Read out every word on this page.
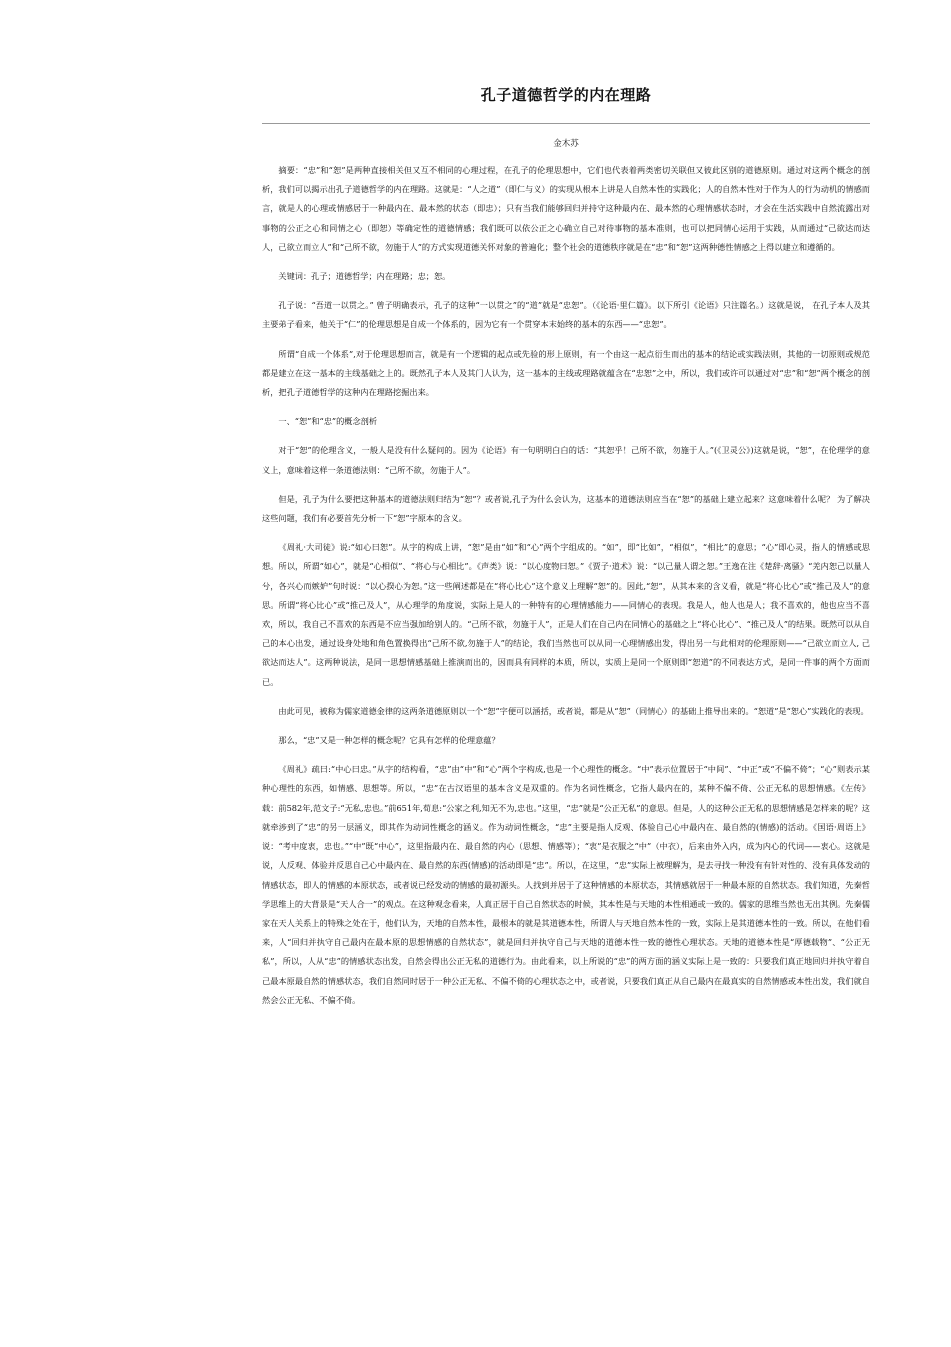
孔子道德哲学的内在理路
金木苏

摘要：“忠”和“恕”是两种直接相关但又互不相同的心理过程，在孔子的伦理思想中，它们也代表着两类密切关联但又彼此区别的道德原则。通过对这两个概念的剖析，我们可以揭示出孔子道德哲学的内在理路。这就是：“人之道”（即仁与义）的实现从根本上讲是人自然本性的实践化；人的自然本性对于作为人的行为动机的情感而言，就是人的心理或情感居于一种最内在、最本然的状态（即忠）；只有当我们能够回归并持守这种最内在、最本然的心理情感状态时，才会在生活实践中自然流露出对事物的公正之心和同情之心（即恕）等确定性的道德情感；我们既可以依公正之心确立自己对待事物的基本准则，也可以把同情心运用于实践，从而通过“己欲达而达人，己欲立而立人”和“己所不欲，勿施于人”的方式实现道德关怀对象的普遍化；整个社会的道德秩序就是在“忠”和“恕”这两种德性情感之上得以建立和遵循的。

关键词：孔子；道德哲学；内在理路；忠；恕。

孔子说：“吾道一以贯之。” 曾子明确表示，孔子的这种“一以贯之”的“道”就是“忠恕”。（《论语·里仁篇》。以下所引《论语》只注篇名。）这就是说， 在孔子本人及其主要弟子看来，他关于“仁”的伦理思想是自成一个体系的，因为它有一个贯穿本末始终的基本的东西——“忠恕”。

所谓“自成一个体系”,对于伦理思想而言，就是有一个逻辑的起点或先验的形上原则，有一个由这一起点衍生而出的基本的结论或实践法则，其他的一切原则或规范都是建立在这一基本的主线基础之上的。既然孔子本人及其门人认为，这一基本的主线或理路就蕴含在“忠恕”之中，所以，我们或许可以通过对“忠”和“恕”两个概念的剖析，把孔子道德哲学的这种内在理路挖掘出来。

一、“恕”和“忠”的概念剖析

对于“恕”的伦理含义，一般人是没有什么疑问的。因为《论语》有一句明明白白的话：“其恕乎！己所不欲，勿施于人。”(《卫灵公》)这就是说，“恕”，在伦理学的意义上，意味着这样一条道德法则：“己所不欲，勿施于人”。

但是，孔子为什么要把这种基本的道德法则归结为“恕”？或者说,孔子为什么会认为，这基本的道德法则应当在“恕”的基础上建立起来？这意味着什么呢？ 为了解决这些问题，我们有必要首先分析一下“恕”字原本的含义。

《周礼·大司徒》说:“如心曰恕”。从字的构成上讲，“恕”是由“如”和“心”两个字组成的。“如”，即“比如”，“相似”，“相比”的意思；“心”即心灵，指人的情感或思想。所以，所谓“如心”，就是“心相似”、“将心与心相比”。《声类》说：“以心度物曰恕。”《贾子·道术》说：“以己量人谓之恕。”王逸在注《楚辞·离骚》“羌内恕己以量人兮，各兴心而嫉妒”句时说：“以心揆心为恕。”这一些阐述都是在“将心比心”这个意义上理解“恕”的。因此,“恕”，从其本来的含义看，就是“将心比心”或“推己及人”的意思。所谓“将心比心”或“推己及人”，从心理学的角度说，实际上是人的一种特有的心理情感能力——同情心的表现。我是人，他人也是人；我不喜欢的，他也应当不喜欢，所以，我自己不喜欢的东西是不应当强加给别人的。“己所不欲，勿施于人”，正是人们在自己内在同情心的基础之上“将心比心”、“推己及人”的结果。既然可以从自己的本心出发，通过设身处地和角色置换得出“己所不欲,勿施于人”的结论，我们当然也可以从同一心理情感出发，得出另一与此相对的伦理原则——“己欲立而立人, 己欲达而达人”。这两种说法，是同一思想情感基础上推演而出的，因而具有同样的本质，所以，实质上是同一个原则即“恕道”的不同表达方式，是同一件事的两个方面而已。

由此可见，被称为儒家道德金律的这两条道德原则以一个“恕”字便可以涵括，或者说，都是从“恕”（同情心）的基础上推导出来的。“恕道”是“恕心”实践化的表现。

那么，“忠”又是一种怎样的概念呢？它具有怎样的伦理意蕴？

《周礼》疏曰:“中心曰忠。”从字的结构看，“忠”由“中”和“心”两个字构成,也是一个心理性的概念。“中”表示位置居于“中间”、“中正”或“不偏不倚”；“心”则表示某种心理性的东西，如情感、思想等。所以，“忠”在古汉语里的基本含义是双重的。作为名词性概念，它指人最内在的，某种不偏不倚、公正无私的思想情感。《左传》载：前582年,范文子:“无私,忠也。”前651年,荀息:“公家之利,知无不为,忠也。”这里，“忠”就是“公正无私”的意思。但是，人的这种公正无私的思想情感是怎样来的呢？这就牵涉到了“忠”的另一层涵义，即其作为动词性概念的涵义。作为动词性概念，“忠”主要是指人反观、体验自己心中最内在、最自然的(情感)的活动。《国语·周语上》说：“考中度衷，忠也。”“中”既“中心”，这里指最内在、最自然的内心（思想、情感等）；“衷”是衣服之“中”（中衣），后来由外入内，成为内心的代词——衷心。这就是说，人反观、体验并反思自己心中最内在、最自然的东西(情感)的活动即是“忠”。所以，在这里，“忠”实际上被理解为，是去寻找一种没有有针对性的、没有具体发动的情感状态，即人的情感的本原状态，或者说已经发动的情感的最初源头。人找到并居于了这种情感的本原状态，其情感就居于一种最本原的自然状态。我们知道，先秦哲学思维上的大背景是“天人合一”的观点。在这种观念看来，人真正居于自己自然状态的时候，其本性是与天地的本性相通或一致的。儒家的思维当然也无出其例。先秦儒家在天人关系上的特殊之处在于，他们认为，天地的自然本性，最根本的就是其道德本性，所谓人与天地自然本性的一致，实际上是其道德本性的一致。所以，在他们看来，人“回归并执守自己最内在最本原的思想情感的自然状态”，就是回归并执守自己与天地的道德本性一致的德性心理状态。天地的道德本性是“厚德载物”、“公正无私”，所以，人从“忠”的情感状态出发，自然会得出公正无私的道德行为。由此看来，以上所说的“忠”的两方面的涵义实际上是一致的：只要我们真正地回归并执守着自己最本原最自然的情感状态，我们自然同时居于一种公正无私、不偏不倚的心理状态之中，或者说，只要我们真正从自己最内在最真实的自然情感或本性出发，我们就自然会公正无私、不偏不倚。
